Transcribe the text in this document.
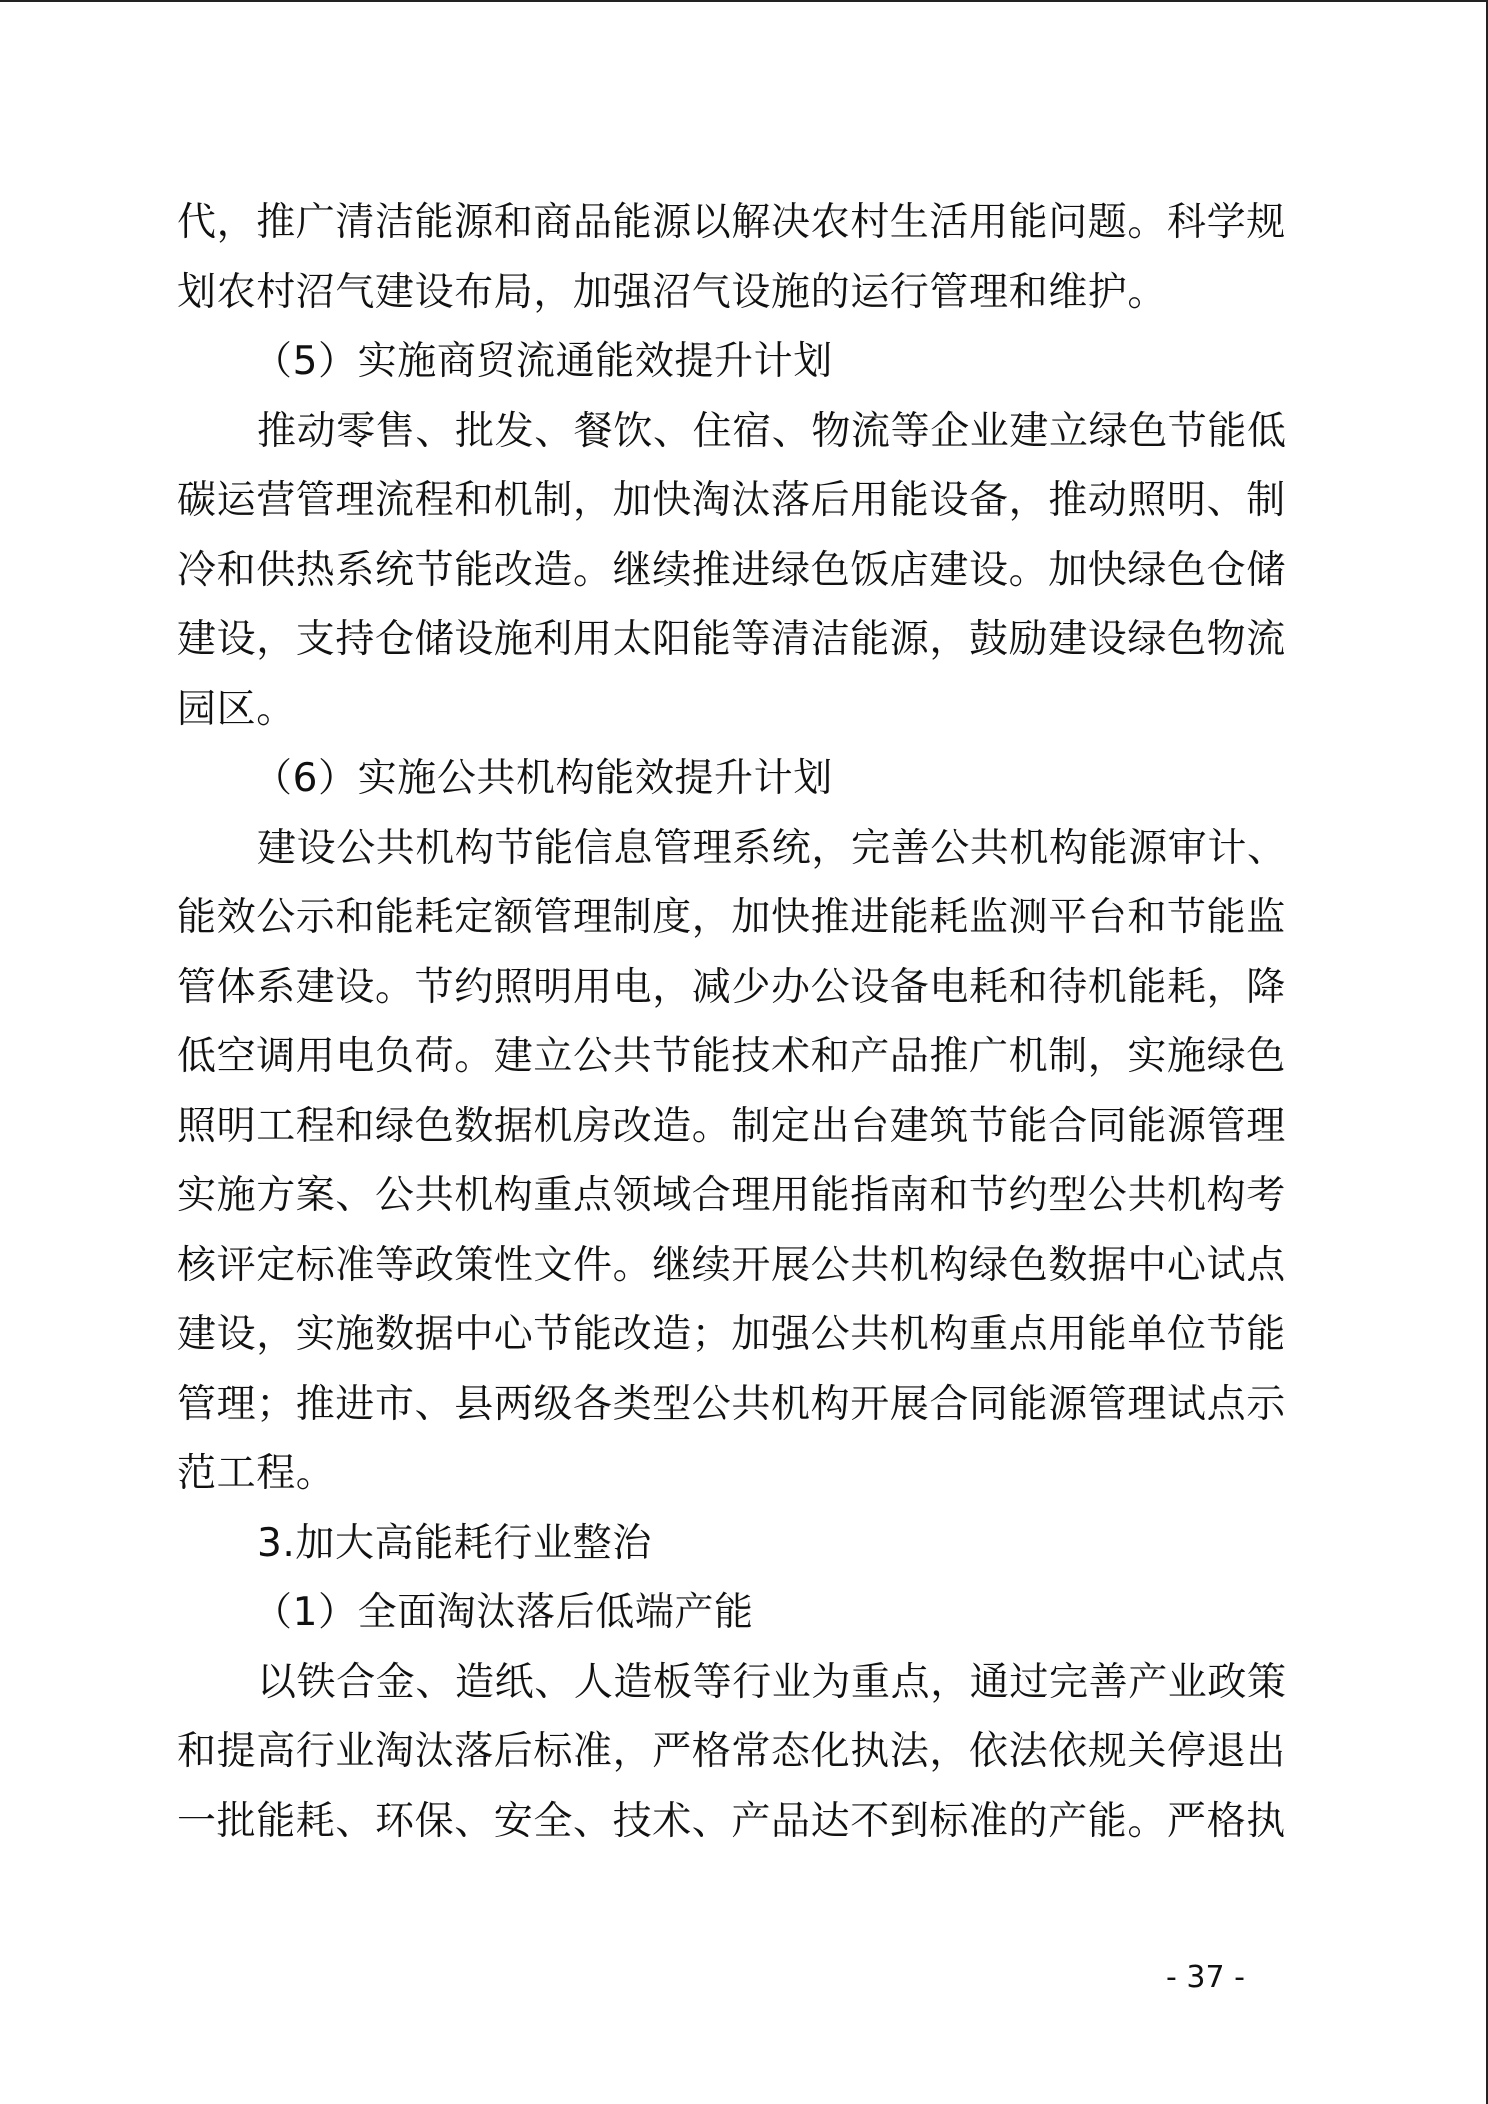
代，推广清洁能源和商品能源以解决农村生活用能问题。科学规
划农村沼气建设布局，加强沼气设施的运行管理和维护。
（5）实施商贸流通能效提升计划
推动零售、批发、餐饮、住宿、物流等企业建立绿色节能低
碳运营管理流程和机制，加快淘汰落后用能设备，推动照明、制
冷和供热系统节能改造。继续推进绿色饭店建设。加快绿色仓储
建设，支持仓储设施利用太阳能等清洁能源，鼓励建设绿色物流
园区。
（6）实施公共机构能效提升计划
建设公共机构节能信息管理系统，完善公共机构能源审计、
能效公示和能耗定额管理制度，加快推进能耗监测平台和节能监
管体系建设。节约照明用电，减少办公设备电耗和待机能耗，降
低空调用电负荷。建立公共节能技术和产品推广机制，实施绿色
照明工程和绿色数据机房改造。制定出台建筑节能合同能源管理
实施方案、公共机构重点领域合理用能指南和节约型公共机构考
核评定标准等政策性文件。继续开展公共机构绿色数据中心试点
建设，实施数据中心节能改造；加强公共机构重点用能单位节能
管理；推进市、县两级各类型公共机构开展合同能源管理试点示
范工程。
3.加大高能耗行业整治
（1）全面淘汰落后低端产能
以铁合金、造纸、人造板等行业为重点，通过完善产业政策
和提高行业淘汰落后标准，严格常态化执法，依法依规关停退出
一批能耗、环保、安全、技术、产品达不到标准的产能。严格执
- 37 -
